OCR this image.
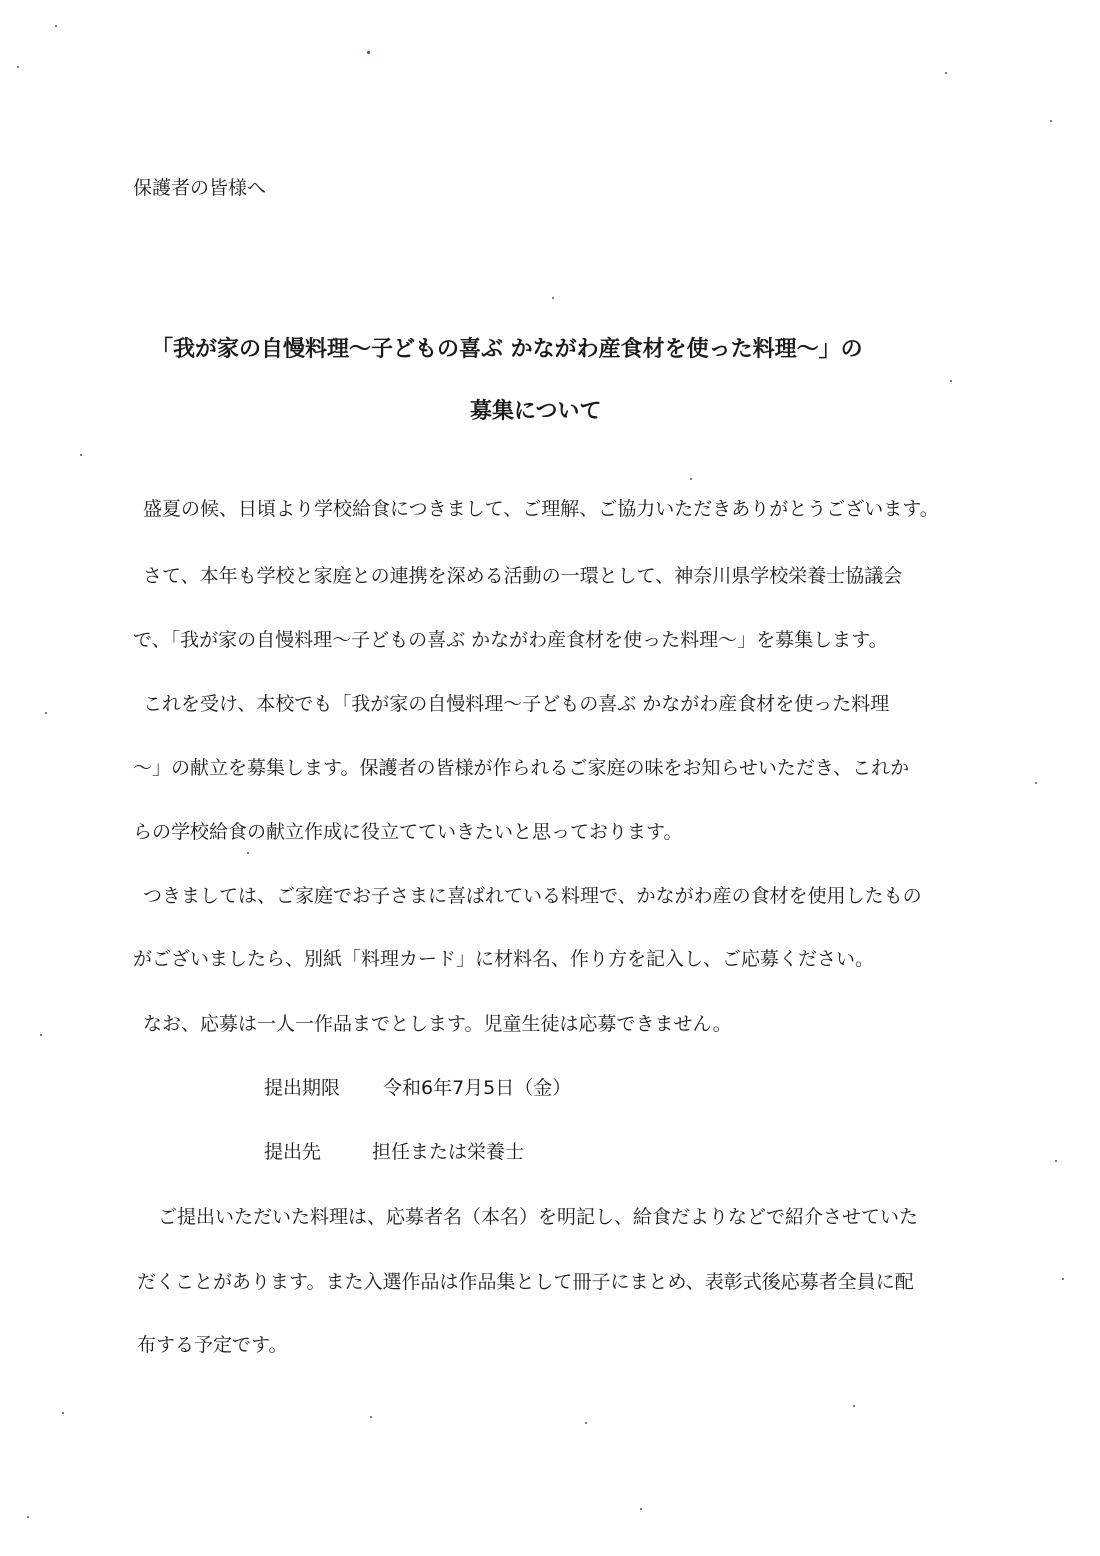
保護者の皆様へ
「我が家の自慢料理～子どもの喜ぶ かながわ産食材を使った料理～」の
募集について
盛夏の候、日頃より学校給食につきまして、ご理解、ご協力いただきありがとうございます。
さて、本年も学校と家庭との連携を深める活動の一環として、神奈川県学校栄養士協議会
で、「我が家の自慢料理～子どもの喜ぶ かながわ産食材を使った料理～」を募集します。
これを受け、本校でも「我が家の自慢料理～子どもの喜ぶ かながわ産食材を使った料理
～」の献立を募集します。保護者の皆様が作られるご家庭の味をお知らせいただき、これか
らの学校給食の献立作成に役立てていきたいと思っております。
つきましては、ご家庭でお子さまに喜ばれている料理で、かながわ産の食材を使用したもの
がございましたら、別紙「料理カード」に材料名、作り方を記入し、ご応募ください。
なお、応募は一人一作品までとします。児童生徒は応募できません。
提出期限 令和6年7月5日（金）
提出先	担任または栄養士
ご提出いただいた料理は、応募者名（本名）を明記し、給食だよりなどで紹介させていた
だくことがあります。また入選作品は作品集として冊子にまとめ、表彰式後応募者全員に配
布する予定です。
